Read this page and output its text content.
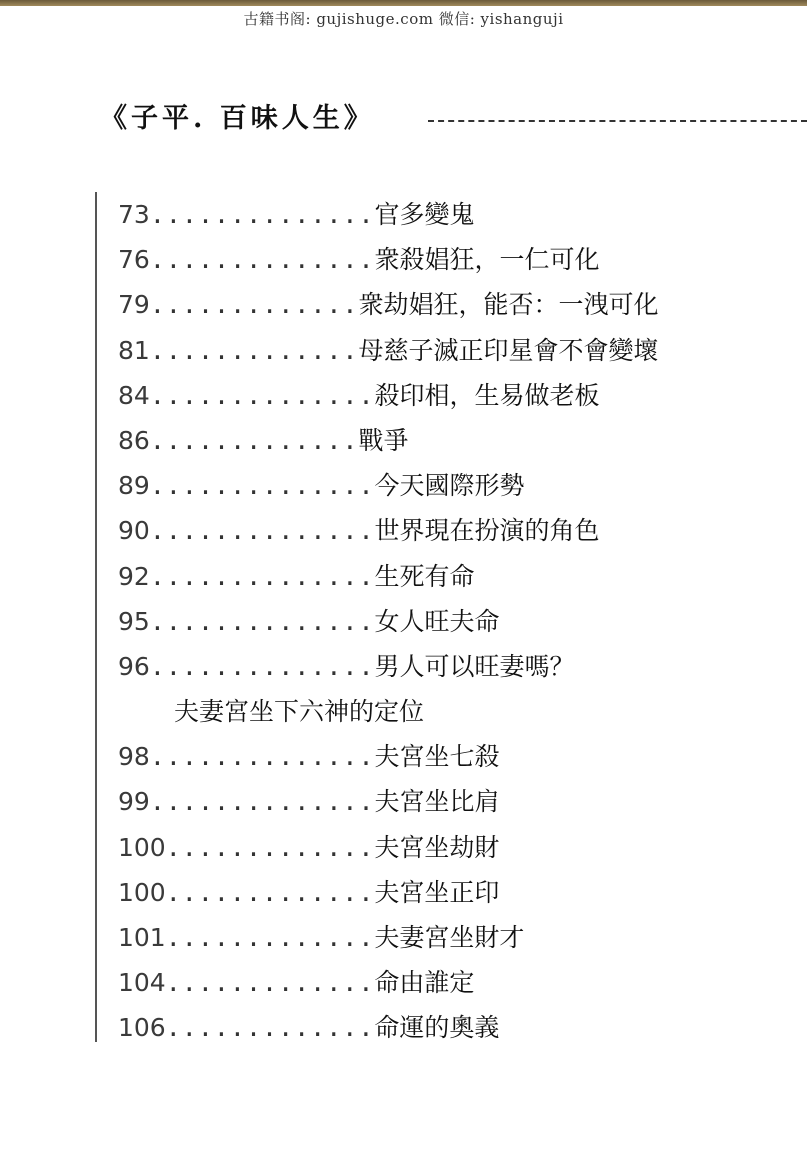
古籍书阁: gujishuge.com 微信: yishanguji
《子平. 百味人生》
73..............官多變鬼
76..............衆殺娼狂，一仁可化
79.............衆劫娼狂，能否：一洩可化
81.............母慈子滅正印星會不會變壞
84..............殺印相，生易做老板
86.............戰爭
89..............今天國際形勢
90..............世界現在扮演的角色
92..............生死有命
95..............女人旺夫命
96..............男人可以旺妻嗎？
夫妻宮坐下六神的定位
98..............夫宮坐七殺
99..............夫宮坐比肩
100.............夫宮坐劫財
100.............夫宮坐正印
101.............夫妻宮坐財才
104.............命由誰定
106.............命運的奧義
